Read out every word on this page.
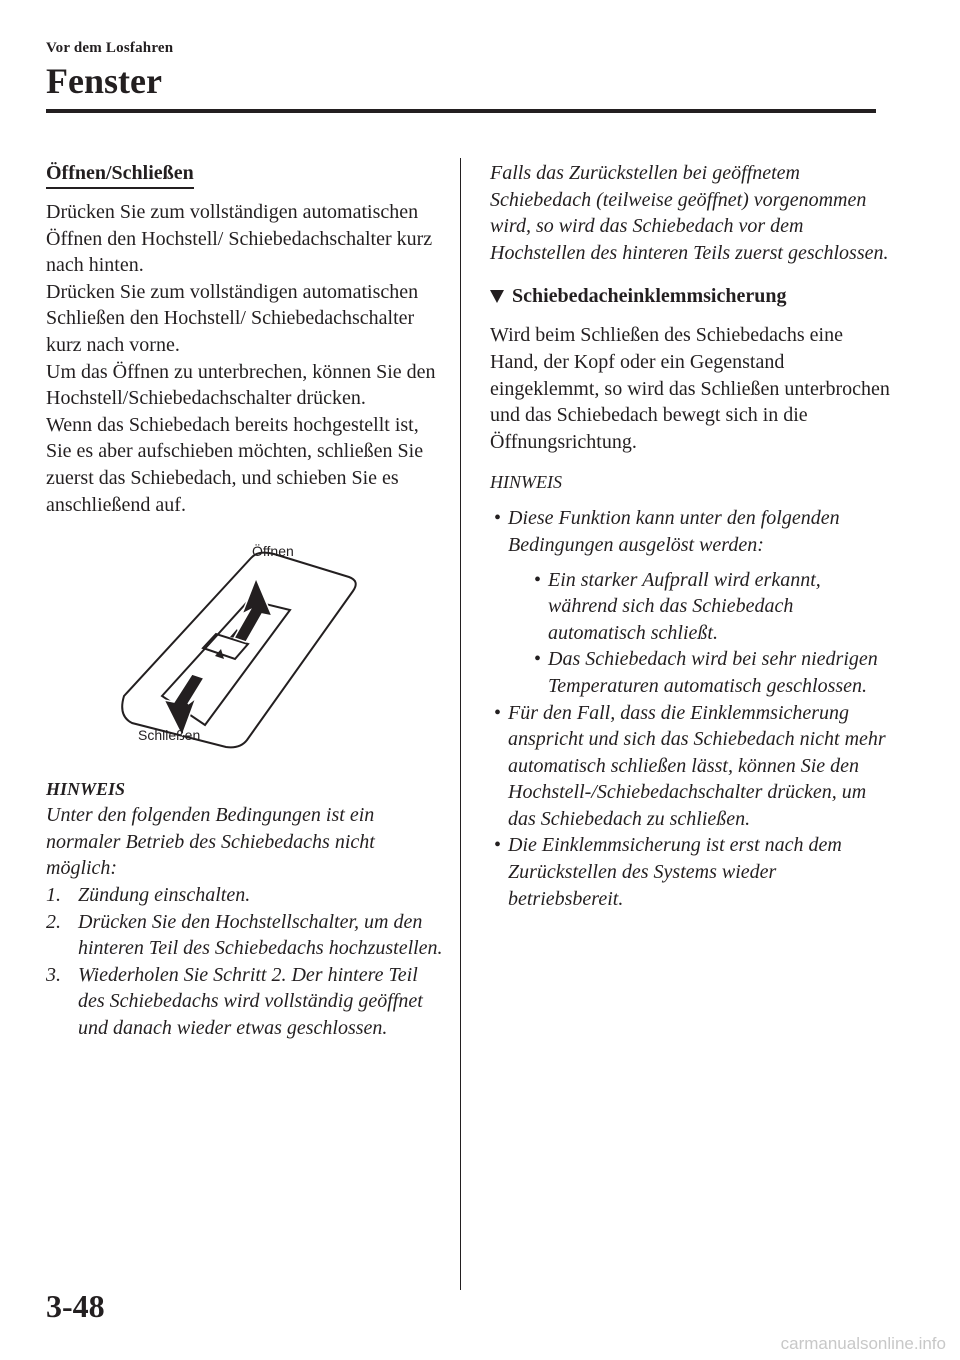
Vor dem Losfahren
Fenster
Öffnen/Schließen

Drücken Sie zum vollständigen automatischen Öffnen den Hochstell/ Schiebedachschalter kurz nach hinten.

Drücken Sie zum vollständigen automatischen Schließen den Hochstell/ Schiebedachschalter kurz nach vorne.

Um das Öffnen zu unterbrechen, können Sie den Hochstell/Schiebedachschalter drücken.

Wenn das Schiebedach bereits hochgestellt ist, Sie es aber aufschieben möchten, schließen Sie zuerst das Schiebedach, und schieben Sie es anschließend auf.

Öffnen
Schließen
HINWEIS

Unter den folgenden Bedingungen ist ein normaler Betrieb des Schiebedachs nicht möglich:

1. Zündung einschalten.
2. Drücken Sie den Hochstellschalter, um den hinteren Teil des Schiebedachs hochzustellen.
3. Wiederholen Sie Schritt 2. Der hintere Teil des Schiebedachs wird vollständig geöffnet und danach wieder etwas geschlossen.

Falls das Zurückstellen bei geöffnetem Schiebedach (teilweise geöffnet) vorgenommen wird, so wird das Schiebedach vor dem Hochstellen des hinteren Teils zuerst geschlossen.

Schiebedacheinklemmsicherung

Wird beim Schließen des Schiebedachs eine Hand, der Kopf oder ein Gegenstand eingeklemmt, so wird das Schließen unterbrochen und das Schiebedach bewegt sich in die Öffnungsrichtung.

HINWEIS
• Diese Funktion kann unter den folgenden Bedingungen ausgelöst werden:
• Ein starker Aufprall wird erkannt, während sich das Schiebedach automatisch schließt.
• Das Schiebedach wird bei sehr niedrigen Temperaturen automatisch geschlossen.
• Für den Fall, dass die Einklemmsicherung anspricht und sich das Schiebedach nicht mehr automatisch schließen lässt, können Sie den Hochstell-/Schiebedachschalter drücken, um das Schiebedach zu schließen.
• Die Einklemmsicherung ist erst nach dem Zurückstellen des Systems wieder betriebsbereit.
3-48
carmanualsonline.info
